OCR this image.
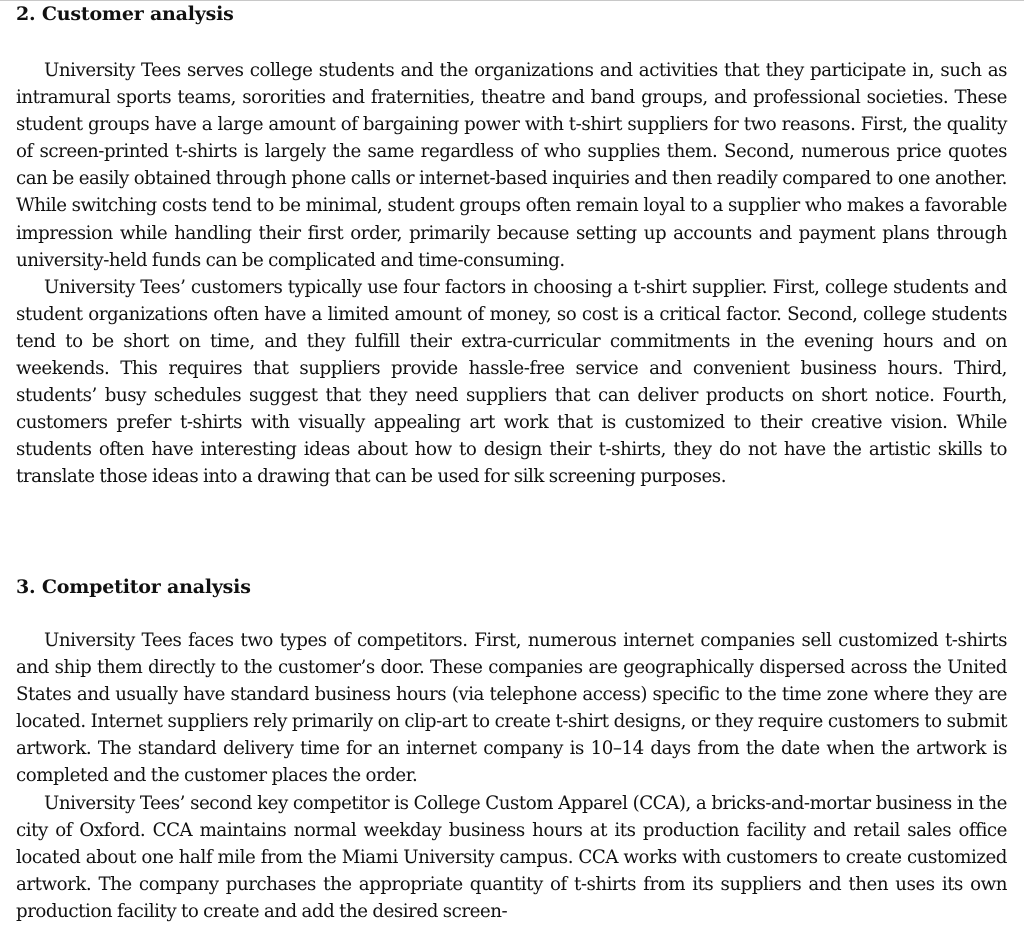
2. Customer analysis

University Tees serves college students and the organizations and activities that they participate in, such as intramural sports teams, sororities and fraternities, theatre and band groups, and professional societies. These student groups have a large amount of bargaining power with t-shirt suppliers for two reasons. First, the quality of screen-printed t-shirts is largely the same regardless of who supplies them. Second, numerous price quotes can be easily obtained through phone calls or internet-based inquiries and then readily compared to one another. While switching costs tend to be minimal, student groups often remain loyal to a supplier who makes a favorable impression while handling their first order, primarily because setting up accounts and payment plans through university-held funds can be complicated and time-consuming.

University Tees’ customers typically use four factors in choosing a t-shirt supplier. First, college students and student organizations often have a limited amount of money, so cost is a critical factor. Second, college students tend to be short on time, and they fulfill their extra-curricular commitments in the evening hours and on weekends. This requires that suppliers provide hassle-free service and convenient business hours. Third, students’ busy schedules suggest that they need suppliers that can deliver products on short notice. Fourth, customers prefer t-shirts with visually appealing art work that is customized to their creative vision. While students often have interesting ideas about how to design their t-shirts, they do not have the artistic skills to translate those ideas into a drawing that can be used for silk screening purposes.

3. Competitor analysis

University Tees faces two types of competitors. First, numerous internet companies sell customized t-shirts and ship them directly to the customer’s door. These companies are geographically dispersed across the United States and usually have standard business hours (via telephone access) specific to the time zone where they are located. Internet suppliers rely primarily on clip-art to create t-shirt designs, or they require customers to submit artwork. The standard delivery time for an internet company is 10–14 days from the date when the artwork is completed and the customer places the order.

University Tees’ second key competitor is College Custom Apparel (CCA), a bricks-and-mortar business in the city of Oxford. CCA maintains normal weekday business hours at its production facility and retail sales office located about one half mile from the Miami University campus. CCA works with customers to create customized artwork. The company purchases the appropriate quantity of t-shirts from its suppliers and then uses its own production facility to create and add the desired screen-
